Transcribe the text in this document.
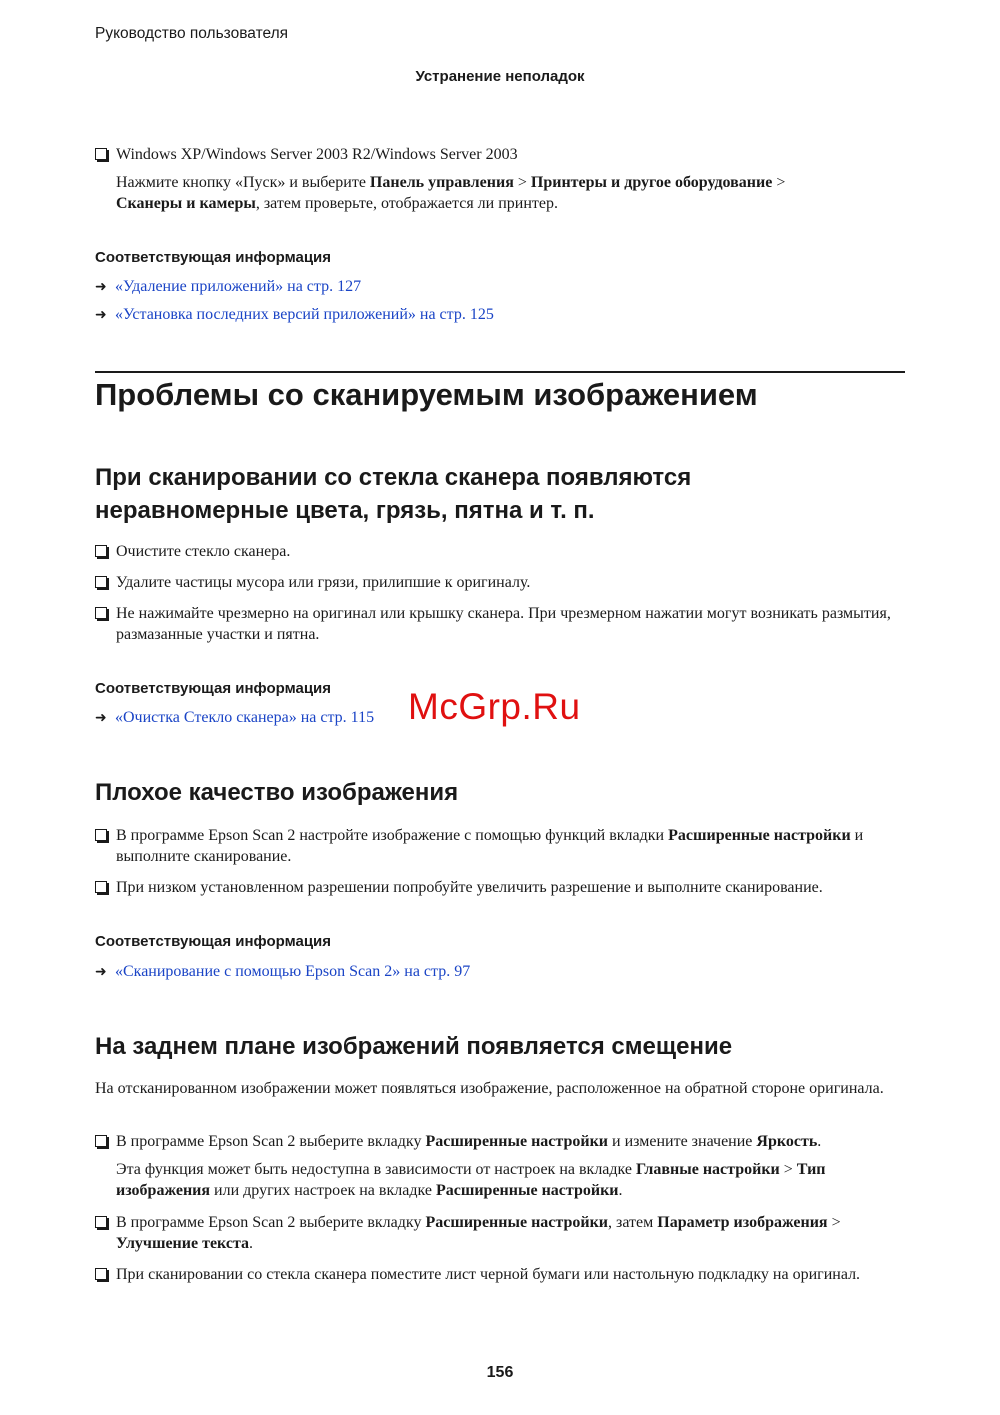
Руководство пользователя
Устранение неполадок
Windows XP/Windows Server 2003 R2/Windows Server 2003
Нажмите кнопку «Пуск» и выберите Панель управления > Принтеры и другое оборудование >
Сканеры и камеры, затем проверьте, отображается ли принтер.
Соответствующая информация
➜ «Удаление приложений» на стр. 127
➜ «Установка последних версий приложений» на стр. 125
Проблемы со сканируемым изображением
При сканировании со стекла сканера появляются
неравномерные цвета, грязь, пятна и т. п.
Очистите стекло сканера.
Удалите частицы мусора или грязи, прилипшие к оригиналу.
Не нажимайте чрезмерно на оригинал или крышку сканера. При чрезмерном нажатии могут возникать размытия, размазанные участки и пятна.
Соответствующая информация
➜ «Очистка Стекло сканера» на стр. 115 McGrp.Ru
Плохое качество изображения
В программе Epson Scan 2 настройте изображение с помощью функций вкладки Расширенные настройки и выполните сканирование.
При низком установленном разрешении попробуйте увеличить разрешение и выполните сканирование.
Соответствующая информация
➜ «Сканирование с помощью Epson Scan 2» на стр. 97
На заднем плане изображений появляется смещение
На отсканированном изображении может появляться изображение, расположенное на обратной стороне оригинала.
В программе Epson Scan 2 выберите вкладку Расширенные настройки и измените значение Яркость.
Эта функция может быть недоступна в зависимости от настроек на вкладке Главные настройки > Тип изображения или других настроек на вкладке Расширенные настройки.
В программе Epson Scan 2 выберите вкладку Расширенные настройки, затем Параметр изображения >
Улучшение текста.
При сканировании со стекла сканера поместите лист черной бумаги или настольную подкладку на оригинал.
156
